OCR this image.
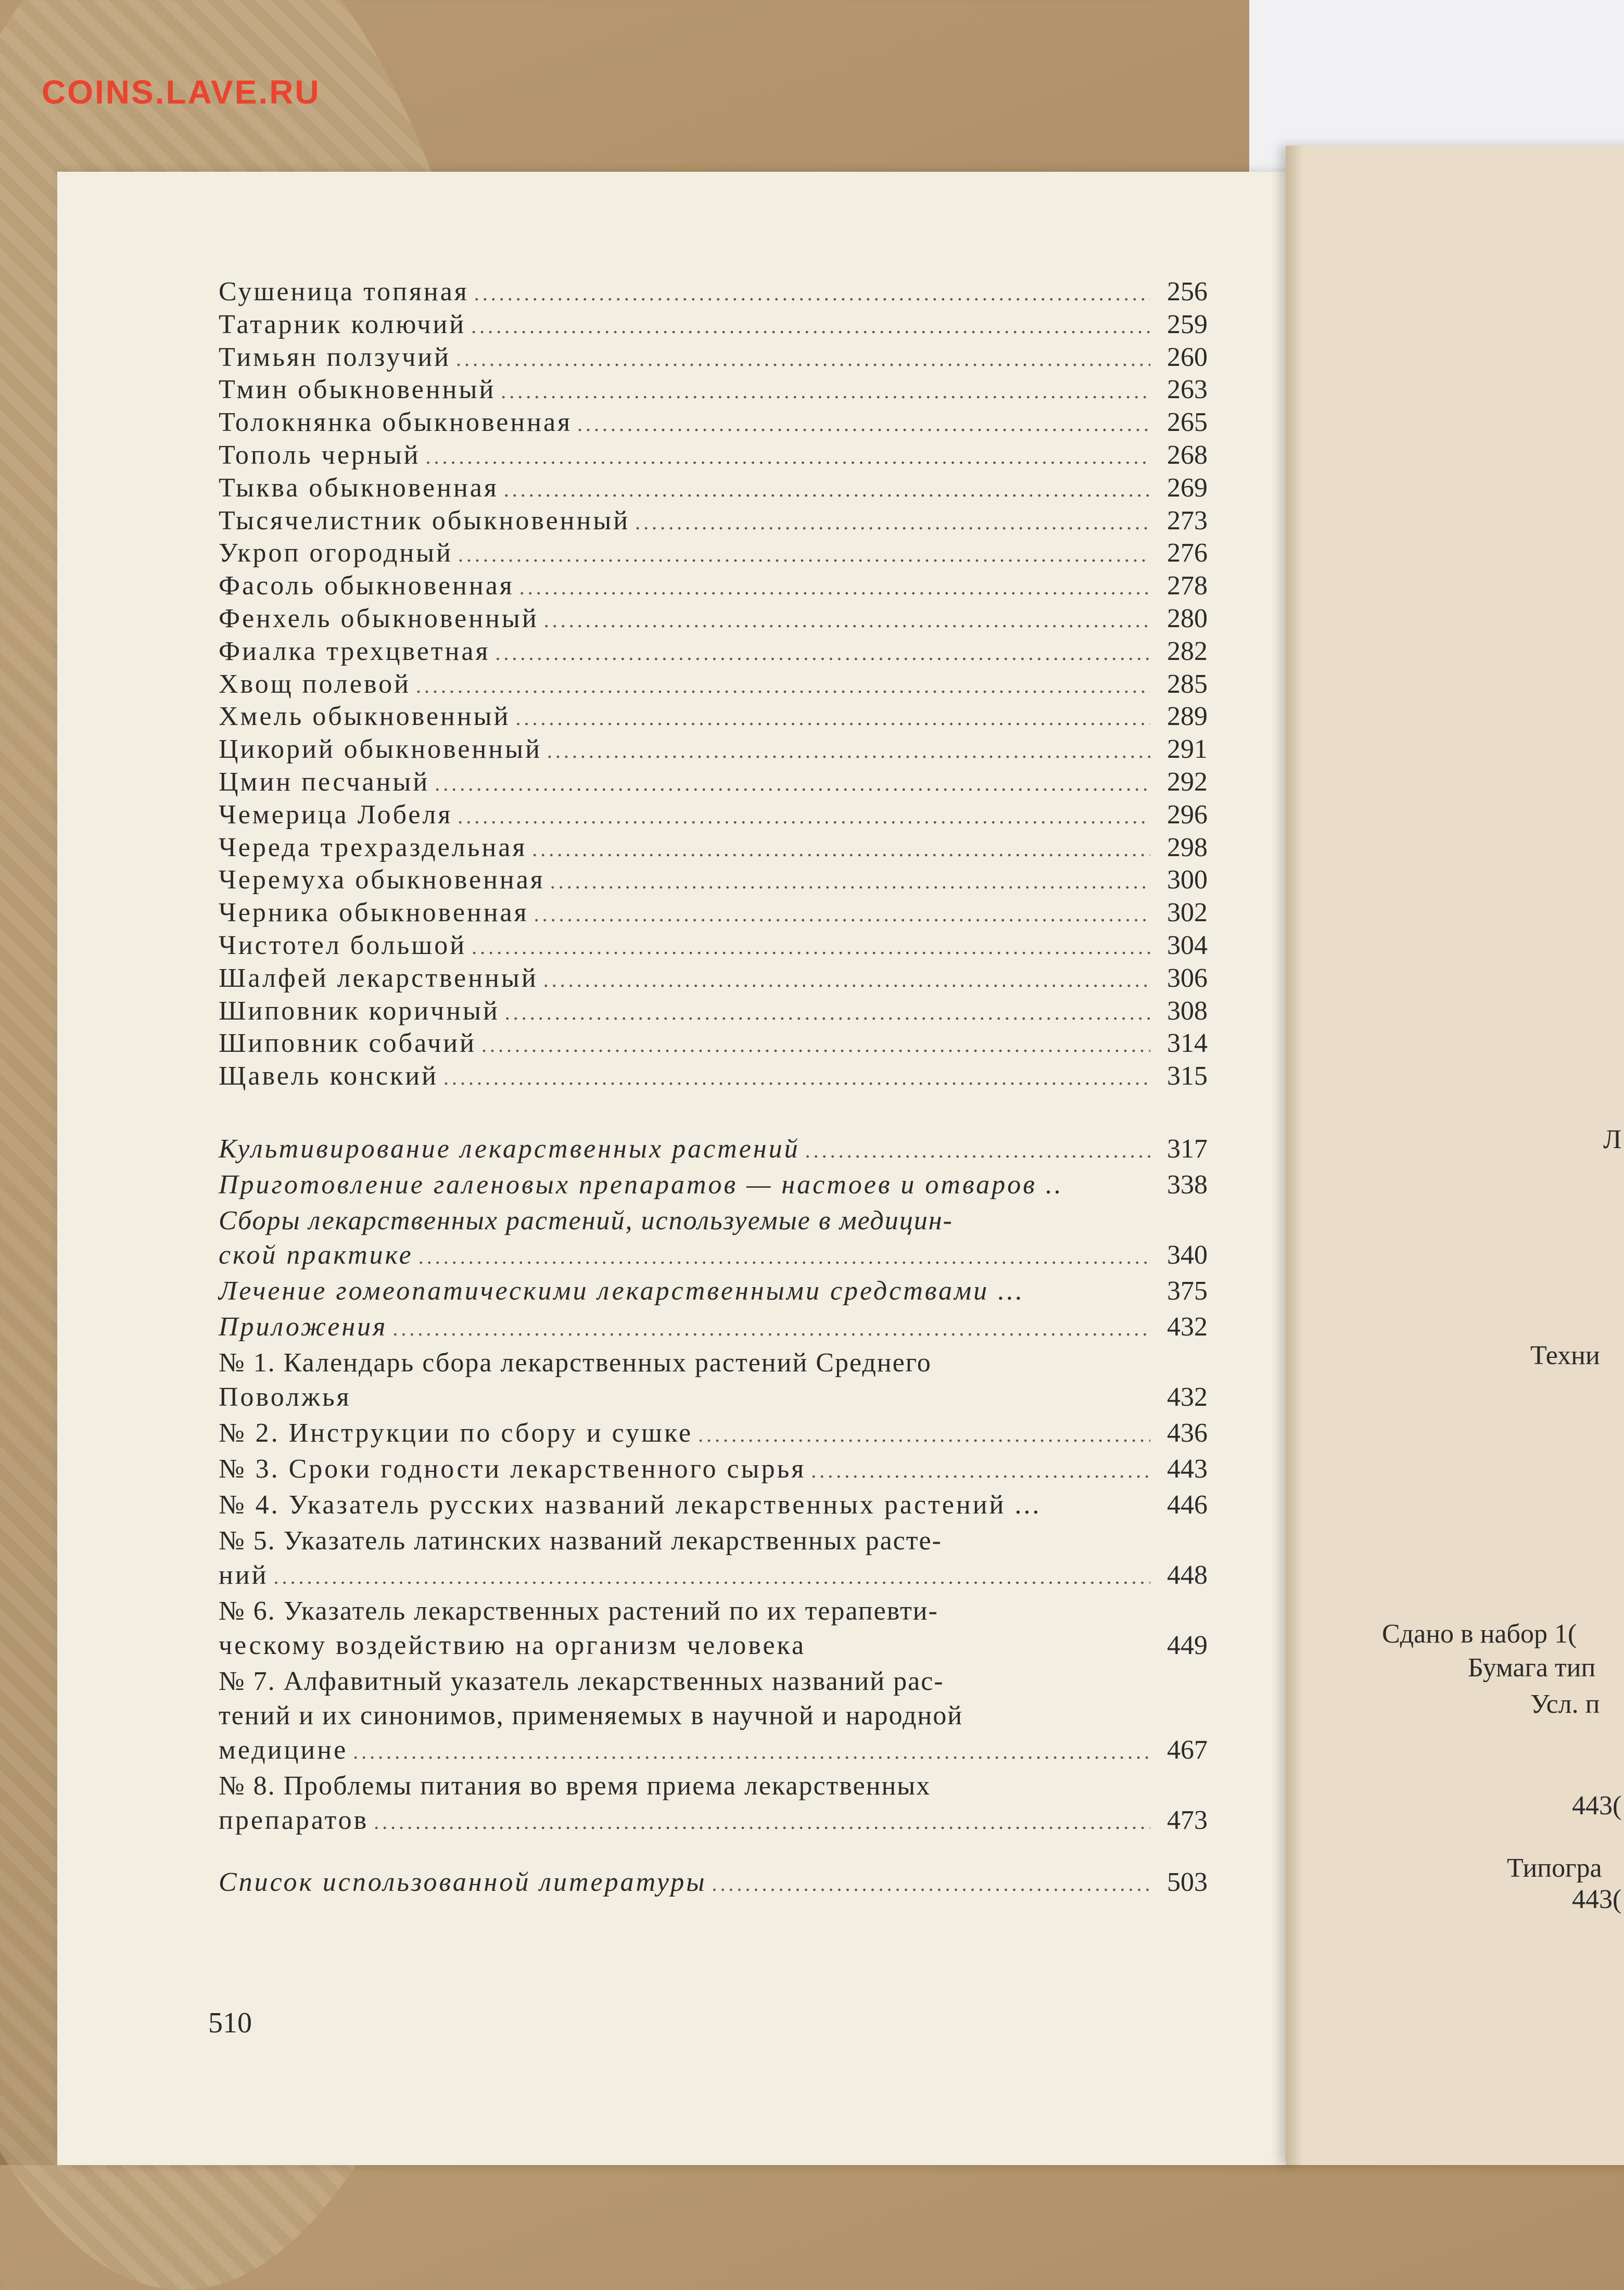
COINS.LAVE.RU
Сушеница топяная .....	256
Татарник колючий .....	259
Тимьян ползучий .....	260
Тмин обыкновенный .....	263
Толокнянка обыкновенная .....	265
Тополь черный .....	268
Тыква обыкновенная .....	269
Тысячелистник обыкновенный .....	273
Укроп огородный .....	276
Фасоль обыкновенная .....	278
Фенхель обыкновенный .....	280
Фиалка трехцветная .....	282
Хвощ полевой .....	285
Хмель обыкновенный .....	289
Цикорий обыкновенный .....	291
Цмин песчаный .....	292
Чемерица Лобеля .....	296
Череда трехраздельная .....	298
Черемуха обыкновенная .....	300
Черника обыкновенная .....	302
Чистотел большой .....	304
Шалфей лекарственный .....	306
Шиповник коричный .....	308
Шиповник собачий .....	314
Щавель конский .....	315
Культивирование лекарственных растений .....	317
Приготовление галеновых препаратов — настоев и отваров ..	338
Сборы лекарственных растений, используемые в медицин-
ской практике .....	340
Лечение гомеопатическими лекарственными средствами ...	375
Приложения .....	432
№ 1. Календарь сбора лекарственных растений Среднего
Поволжья	432
№ 2. Инструкции по сбору и сушке .....	436
№ 3. Сроки годности лекарственного сырья .....	443
№ 4. Указатель русских названий лекарственных растений ...	446
№ 5. Указатель латинских названий лекарственных расте-
ний .....	448
№ 6. Указатель лекарственных растений по их терапевти-
ческому воздействию на организм человека	449
№ 7. Алфавитный указатель лекарственных названий рас-
тений и их синонимов, применяемых в научной и народной
медицине .....	467
№ 8. Проблемы питания во время приема лекарственных
препаратов .....	473
Список использованной литературы .....	503
510
Л
Техни
Сдано в набор 1(
Бумага тип
Усл. п
443(
Типогра
443(
